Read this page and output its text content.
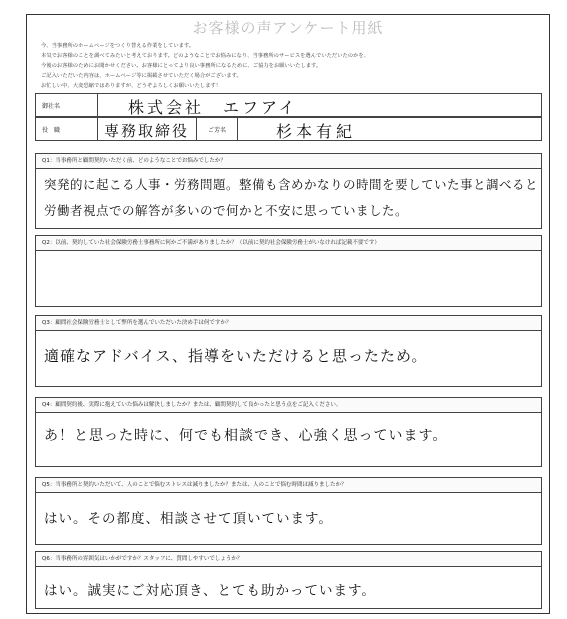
お客様の声アンケート用紙
今、当事務所のホームページをつくり替える作業をしています。
本気でお客様のことを調べてみたいと考えております。どのようなことでお悩みになり、当事務所のサービスを選んでいただいたのかを、
今後のお客様のためにお聞かせください。お客様にとってより良い事務所になるために、ご協力をお願いいたします。
ご記入いただいた内容は、ホームページ等に掲載させていただく場合がございます。
お忙しい中、大変恐縮ではありますが、どうぞよろしくお願いいたします！
御社名	株式会社　エフアイ
役　職	専務取締役	ご芳名	杉本有紀
Q1：当事務所と顧問契約いただく前、どのようなことでお悩みでしたか？
突発的に起こる人事・労務問題。整備も含めかなりの時間を要していた事と調べると
労働者視点での解答が多いので何かと不安に思っていました。
Q2：以前、契約していた社会保険労務士事務所に何かご不満がありましたか？（以前に契約社会保険労務士がいなければ記載不要です）
Q3：顧問社会保険労務士として弊所を選んでいただいた決め手は何ですか？
適確なアドバイス、指導をいただけると思ったため。
Q4：顧問契約後、実際に抱えていた悩みは解決しましたか？または、顧問契約して良かったと思う点をご記入ください。
あ！と思った時に、何でも相談でき、心強く思っています。
Q5：当事務所と契約いただいて、人のことで悩むストレスは減りましたか？または、人のことで悩む時間は減りましたか？
はい。その都度、相談させて頂いています。
Q6：当事務所の雰囲気はいかがですか？スタッフに、質問しやすいでしょうか？
はい。誠実にご対応頂き、とても助かっています。
